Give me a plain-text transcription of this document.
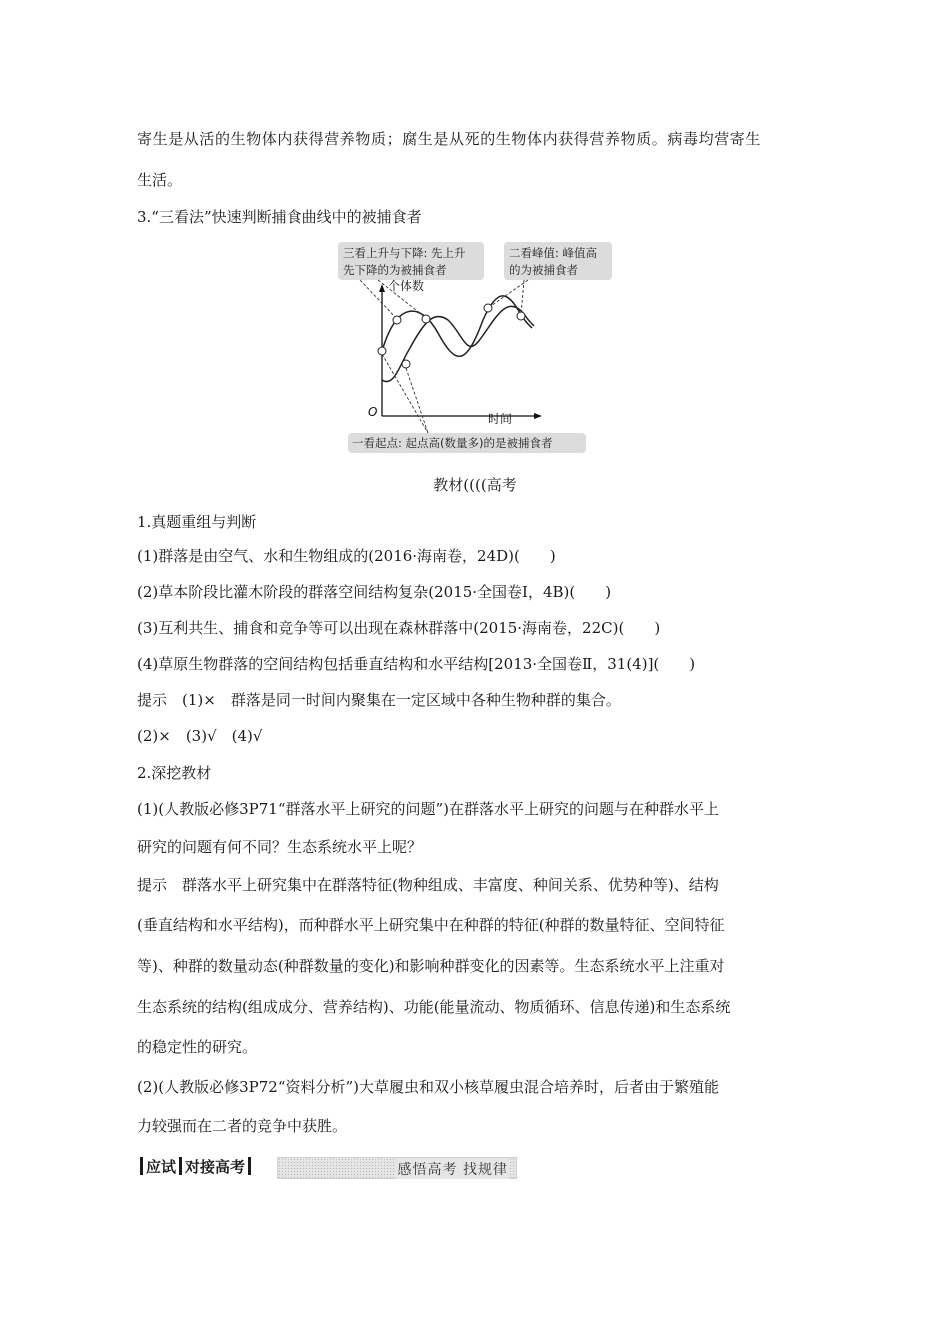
寄生是从活的生物体内获得营养物质；腐生是从死的生物体内获得营养物质。病毒均营寄生
生活。
3.“三看法”快速判断捕食曲线中的被捕食者
三看上升与下降: 先上升
先下降的为被捕食者
二看峰值: 峰值高
的为被捕食者
一看起点: 起点高(数量多)的是被捕食者
个体数
时间
O
教材((((高考
1.真题重组与判断
(1)群落是由空气、水和生物组成的(2016·海南卷，24D)(　　)
(2)草本阶段比灌木阶段的群落空间结构复杂(2015·全国卷Ⅰ，4B)(　　)
(3)互利共生、捕食和竞争等可以出现在森林群落中(2015·海南卷，22C)(　　)
(4)草原生物群落的空间结构包括垂直结构和水平结构[2013·全国卷Ⅱ，31(4)](　　)
提示　(1)×　群落是同一时间内聚集在一定区域中各种生物种群的集合。
(2)×　(3)√　(4)√
2.深挖教材
(1)(人教版必修3P71“群落水平上研究的问题”)在群落水平上研究的问题与在种群水平上
研究的问题有何不同？生态系统水平上呢？
提示　群落水平上研究集中在群落特征(物种组成、丰富度、种间关系、优势种等)、结构
(垂直结构和水平结构)，而种群水平上研究集中在种群的特征(种群的数量特征、空间特征
等)、种群的数量动态(种群数量的变化)和影响种群变化的因素等。生态系统水平上注重对
生态系统的结构(组成成分、营养结构)、功能(能量流动、物质循环、信息传递)和生态系统
的稳定性的研究。
(2)(人教版必修3P72“资料分析”)大草履虫和双小核草履虫混合培养时，后者由于繁殖能
力较强而在二者的竞争中获胜。
应试 对接高考	感悟高考 找规律
